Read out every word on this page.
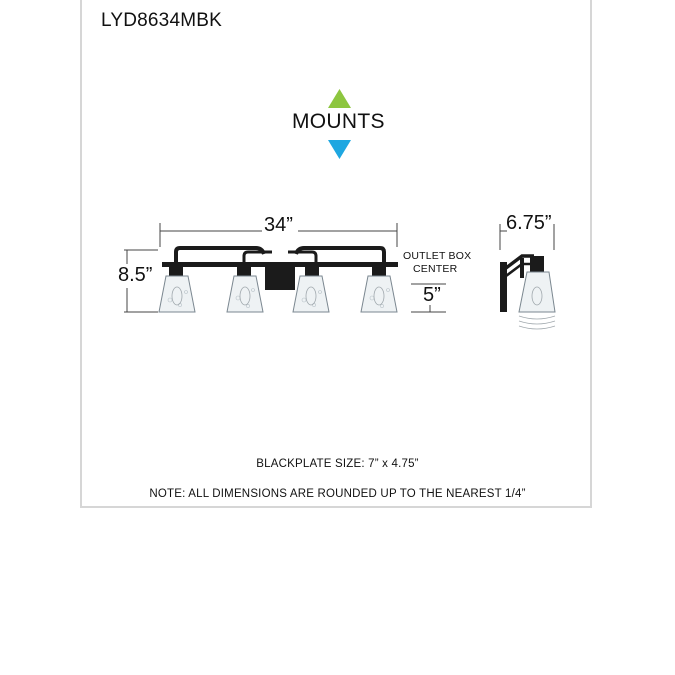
LYD8634MBK
MOUNTS
34”
8.5”
6.75”
OUTLET BOX
CENTER
5”
BLACKPLATE SIZE: 7” x 4.75”
NOTE: ALL DIMENSIONS ARE ROUNDED UP TO THE NEAREST 1/4”
